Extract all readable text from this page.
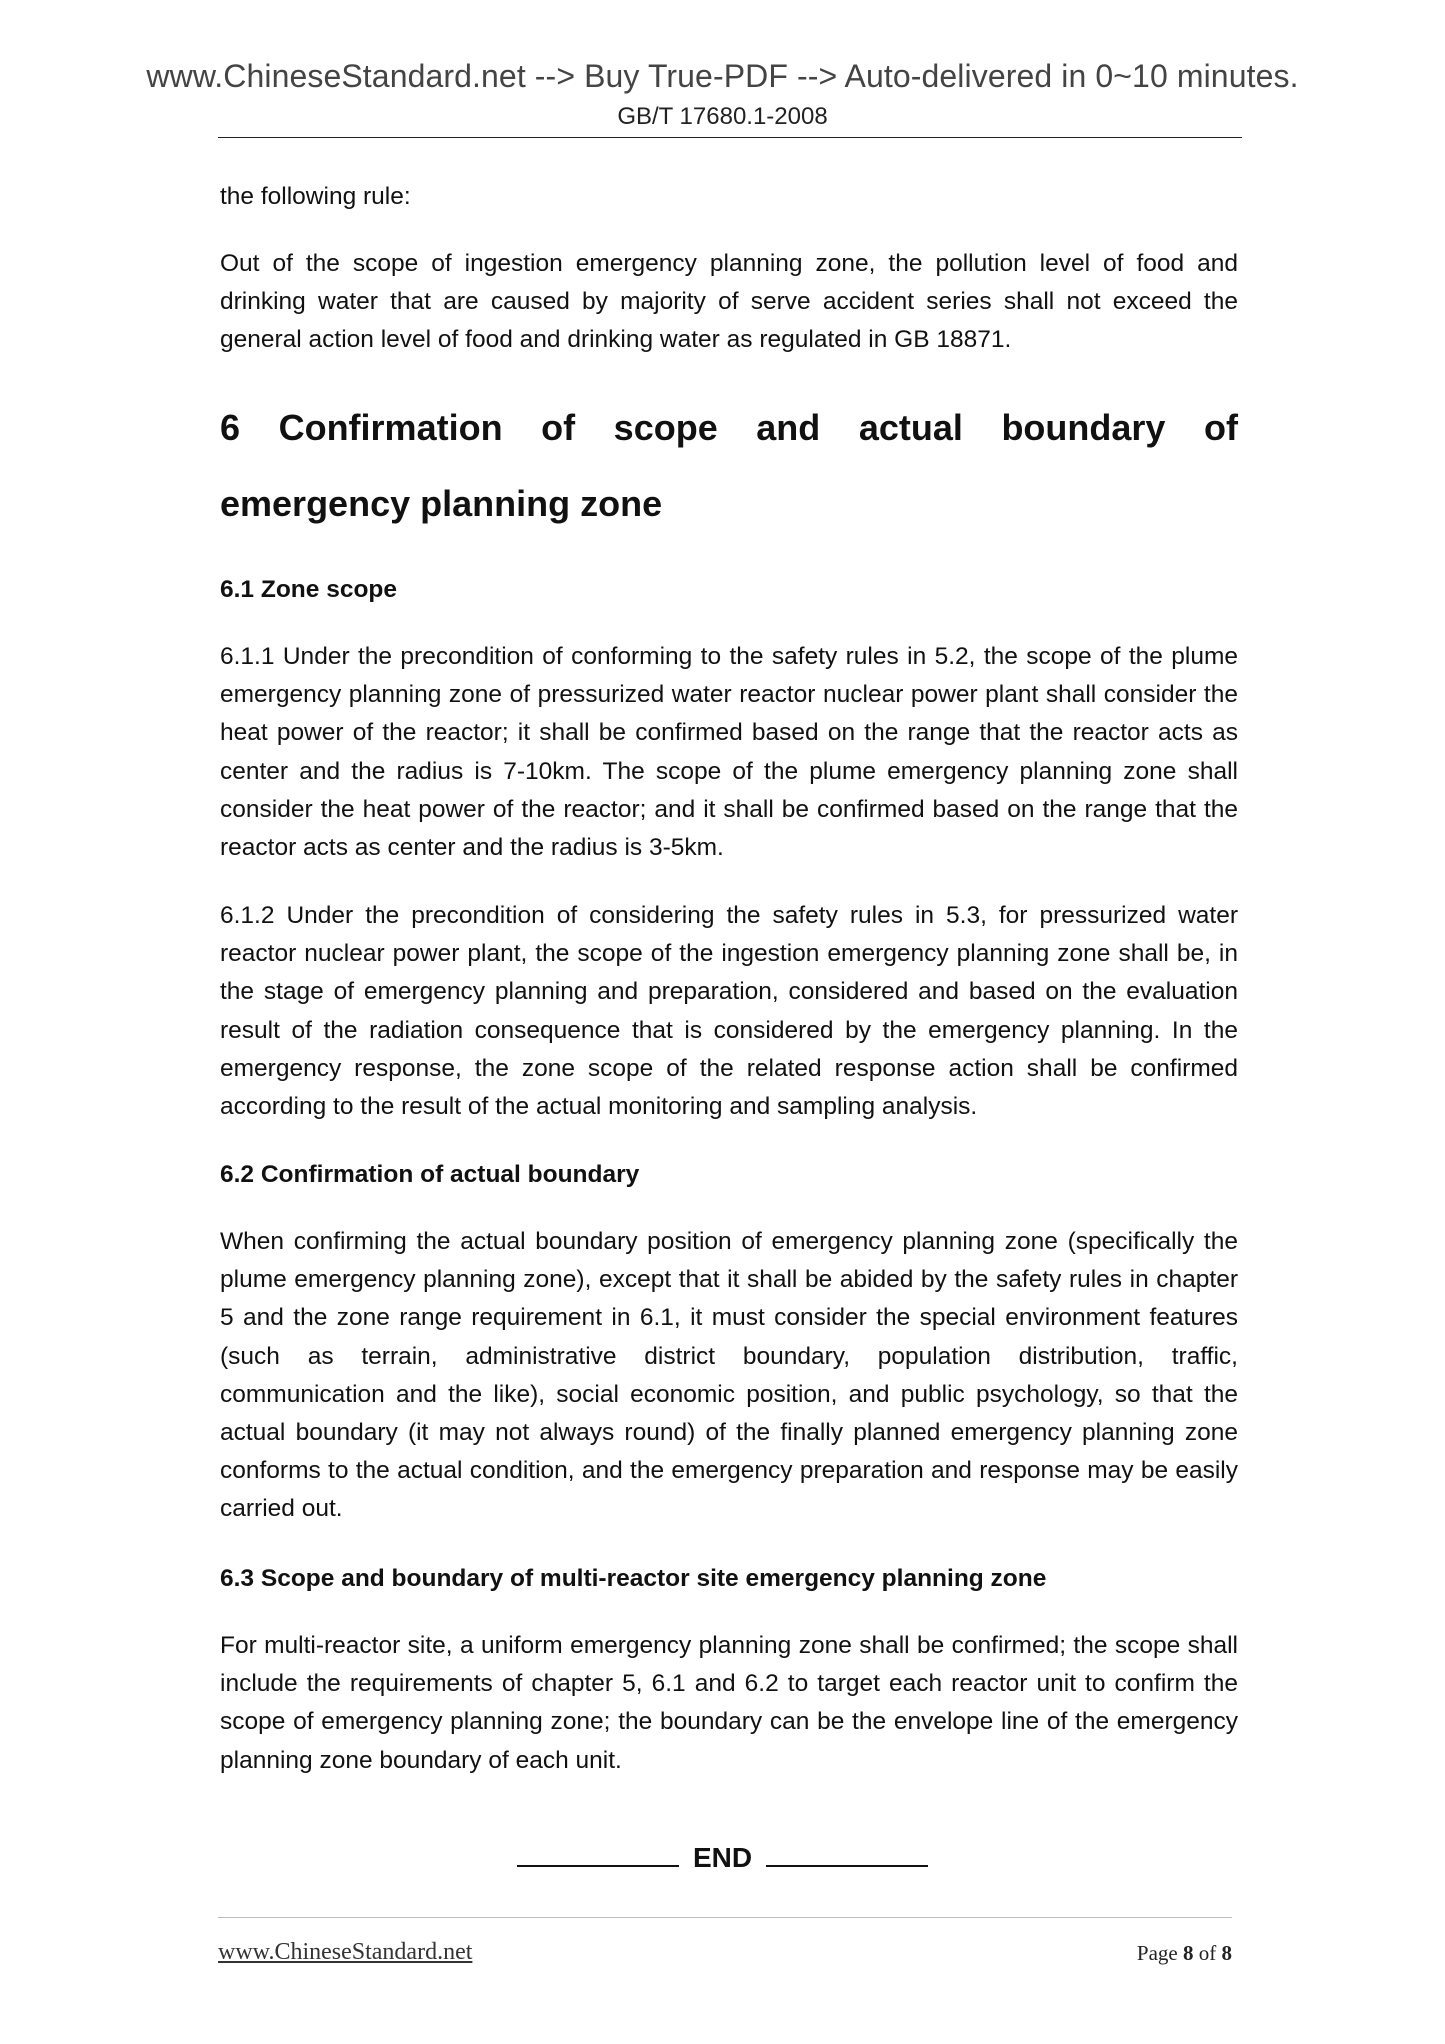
www.ChineseStandard.net --> Buy True-PDF --> Auto-delivered in 0~10 minutes.
GB/T 17680.1-2008

the following rule:

Out of the scope of ingestion emergency planning zone, the pollution level of food and drinking water that are caused by majority of serve accident series shall not exceed the general action level of food and drinking water as regulated in GB 18871.

6 Confirmation of scope and actual boundary of emergency planning zone
6.1 Zone scope

6.1.1 Under the precondition of conforming to the safety rules in 5.2, the scope of the plume emergency planning zone of pressurized water reactor nuclear power plant shall consider the heat power of the reactor; it shall be confirmed based on the range that the reactor acts as center and the radius is 7-10km. The scope of the plume emergency planning zone shall consider the heat power of the reactor; and it shall be confirmed based on the range that the reactor acts as center and the radius is 3-5km.

6.1.2 Under the precondition of considering the safety rules in 5.3, for pressurized water reactor nuclear power plant, the scope of the ingestion emergency planning zone shall be, in the stage of emergency planning and preparation, considered and based on the evaluation result of the radiation consequence that is considered by the emergency planning. In the emergency response, the zone scope of the related response action shall be confirmed according to the result of the actual monitoring and sampling analysis.

6.2 Confirmation of actual boundary

When confirming the actual boundary position of emergency planning zone (specifically the plume emergency planning zone), except that it shall be abided by the safety rules in chapter 5 and the zone range requirement in 6.1, it must consider the special environment features (such as terrain, administrative district boundary, population distribution, traffic, communication and the like), social economic position, and public psychology, so that the actual boundary (it may not always round) of the finally planned emergency planning zone conforms to the actual condition, and the emergency preparation and response may be easily carried out.

6.3 Scope and boundary of multi-reactor site emergency planning zone

For multi-reactor site, a uniform emergency planning zone shall be confirmed; the scope shall include the requirements of chapter 5, 6.1 and 6.2 to target each reactor unit to confirm the scope of emergency planning zone; the boundary can be the envelope line of the emergency planning zone boundary of each unit.

END
www.ChineseStandard.net	Page 8 of 8
